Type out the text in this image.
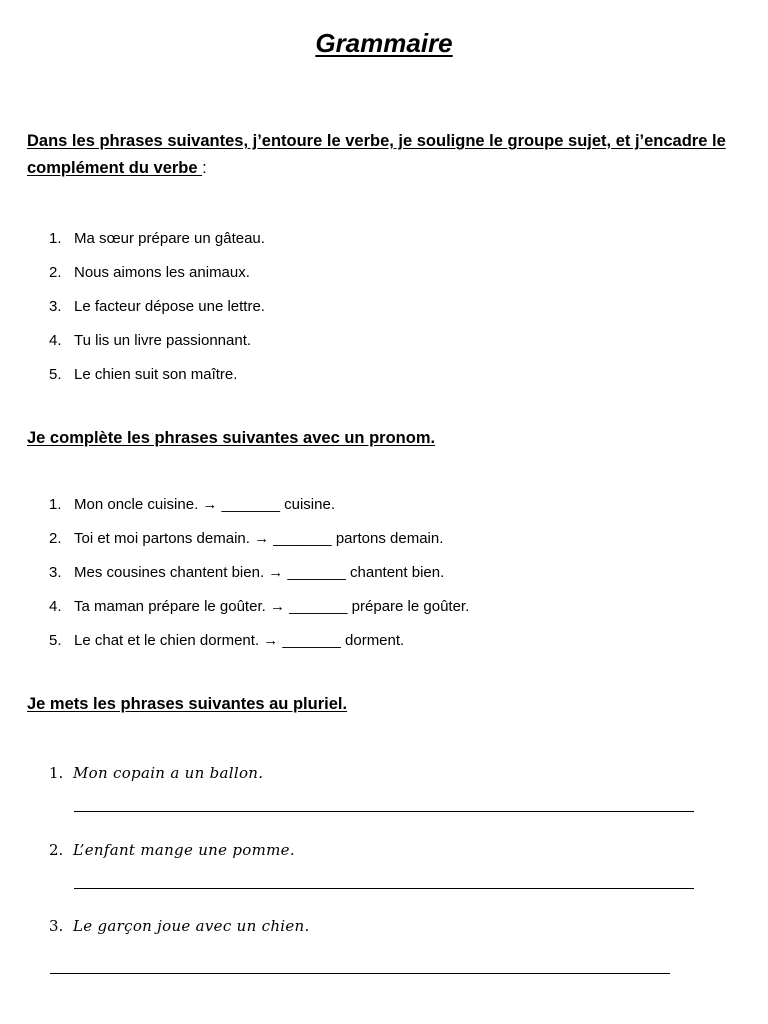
Grammaire
Dans les phrases suivantes, j’entoure le verbe, je souligne le groupe sujet, et j’encadre le complément du verbe :
1. Ma sœur prépare un gâteau.
2. Nous aimons les animaux.
3. Le facteur dépose une lettre.
4. Tu lis un livre passionnant.
5. Le chien suit son maître.
Je complète les phrases suivantes avec un pronom.
1. Mon oncle cuisine. → _______ cuisine.
2. Toi et moi partons demain. → _______ partons demain.
3. Mes cousines chantent bien. → _______ chantent bien.
4. Ta maman prépare le goûter. → _______ prépare le goûter.
5. Le chat et le chien dorment. → _______ dorment.
Je mets les phrases suivantes au pluriel.
1. Mon copain a un ballon.
2. L’enfant mange une pomme.
3. Le garçon joue avec un chien.
